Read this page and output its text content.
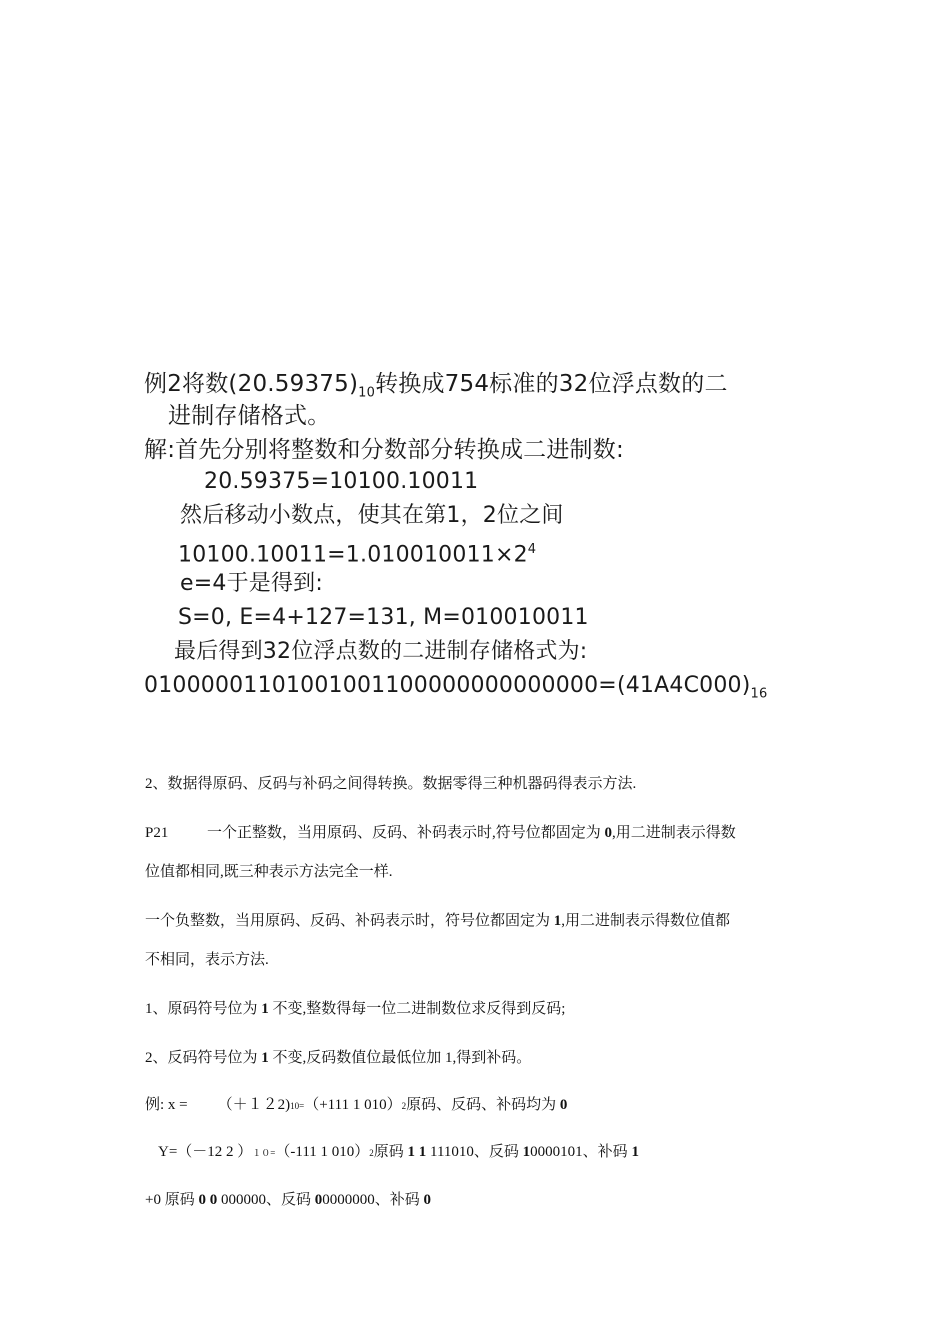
例2将数$(20.59375)_{10}$转换成754标准的32位浮点数的二
进制存储格式。
解:首先分别将整数和分数部分转换成二进制数:
20.59375=10100.10011
然后移动小数点，使其在第1，2位之间
$10100.10011=1.010010011\times 2^4$
e=4于是得到:
S=0, E=4+127=131, M=010010011
最后得到32位浮点数的二进制存储格式为:
$01000001101001001100000000000000=(41A4C000)_{16}$
2、数据得原码、反码与补码之间得转换。数据零得三种机器码得表示方法.
P21	一个正整数，当用原码、反码、补码表示时,符号位都固定为 0,用二进制表示得数
位值都相同,既三种表示方法完全一样.
一个负整数，当用原码、反码、补码表示时，符号位都固定为 1,用二进制表示得数位值都
不相同，表示方法.
1、原码符号位为 1 不变,整数得每一位二进制数位求反得到反码;
2、反码符号位为 1 不变,反码数值位最低位加 1,得到补码。
例: x = （＋１２2)10=（+111 1 010）2原码、反码、补码均为 0
Y=（－12 2 ）１０=（-111 1 010）2原码 1 1 111010、反码 10000101、补码 1
+0 原码 0 0 000000、反码 00000000、补码 0
